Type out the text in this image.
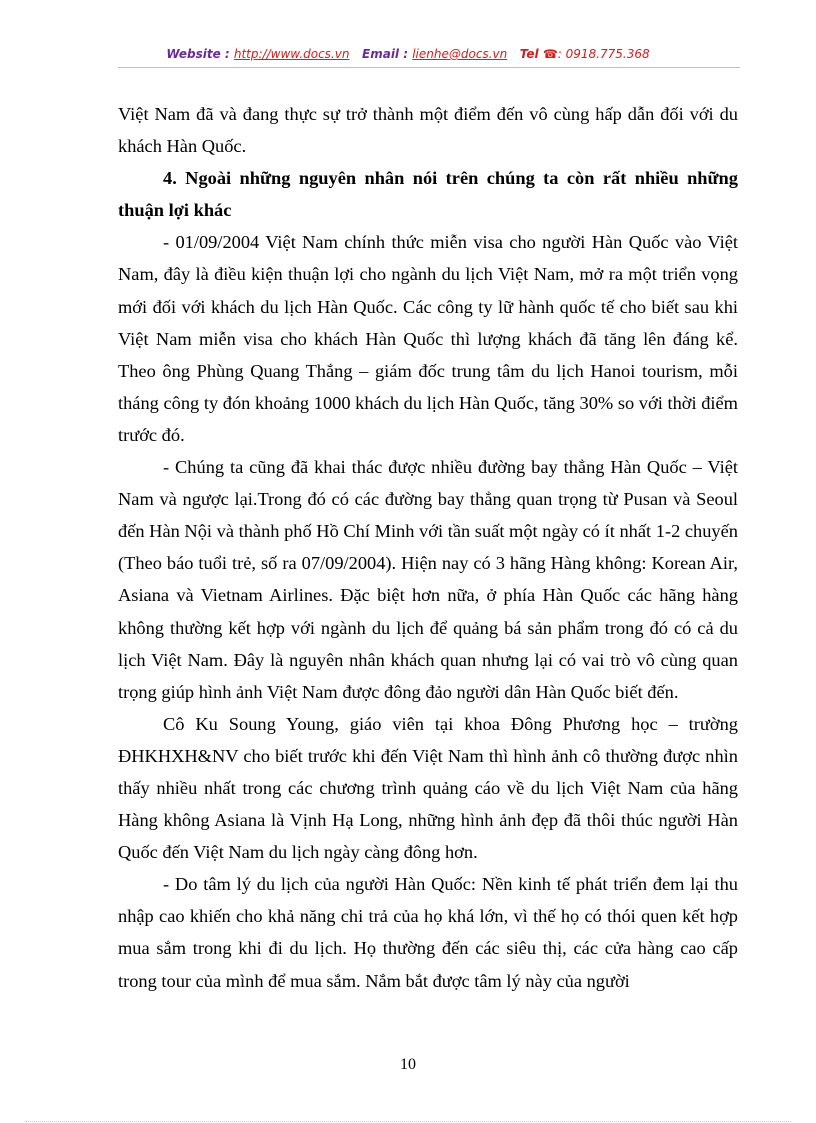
Website : http://www.docs.vn Email : lienhe@docs.vn Tel ☎: 0918.775.368

Việt Nam đã và đang thực sự trở thành một điểm đến vô cùng hấp dẫn đối với du khách Hàn Quốc.

4. Ngoài những nguyên nhân nói trên chúng ta còn rất nhiều những thuận lợi khác

- 01/09/2004 Việt Nam chính thức miễn visa cho người Hàn Quốc vào Việt Nam, đây là điều kiện thuận lợi cho ngành du lịch Việt Nam, mở ra một triển vọng mới đối với khách du lịch Hàn Quốc. Các công ty lữ hành quốc tế cho biết sau khi Việt Nam miễn visa cho khách Hàn Quốc thì lượng khách đã tăng lên đáng kể. Theo ông Phùng Quang Thắng – giám đốc trung tâm du lịch Hanoi tourism, mỗi tháng công ty đón khoảng 1000 khách du lịch Hàn Quốc, tăng 30% so với thời điểm trước đó.

- Chúng ta cũng đã khai thác được nhiều đường bay thẳng Hàn Quốc – Việt Nam và ngược lại.Trong đó có các đường bay thẳng quan trọng từ Pusan và Seoul đến Hàn Nội và thành phố Hồ Chí Minh với tần suất một ngày có ít nhất 1-2 chuyến (Theo báo tuổi trẻ, số ra 07/09/2004). Hiện nay có 3 hãng Hàng không: Korean Air, Asiana và Vietnam Airlines. Đặc biệt hơn nữa, ở phía Hàn Quốc các hãng hàng không thường kết hợp với ngành du lịch để quảng bá sản phẩm trong đó có cả du lịch Việt Nam. Đây là nguyên nhân khách quan nhưng lại có vai trò vô cùng quan trọng giúp hình ảnh Việt Nam được đông đảo người dân Hàn Quốc biết đến.

Cô Ku Soung Young, giáo viên tại khoa Đông Phương học – trường ĐHKHXH&NV cho biết trước khi đến Việt Nam thì hình ảnh cô thường được nhìn thấy nhiều nhất trong các chương trình quảng cáo về du lịch Việt Nam của hãng Hàng không Asiana là Vịnh Hạ Long, những hình ảnh đẹp đã thôi thúc người Hàn Quốc đến Việt Nam du lịch ngày càng đông hơn.

- Do tâm lý du lịch của người Hàn Quốc: Nền kinh tế phát triển đem lại thu nhập cao khiến cho khả năng chi trả của họ khá lớn, vì thế họ có thói quen kết hợp mua sắm trong khi đi du lịch. Họ thường đến các siêu thị, các cửa hàng cao cấp trong tour của mình để mua sắm. Nắm bắt được tâm lý này của người

10
